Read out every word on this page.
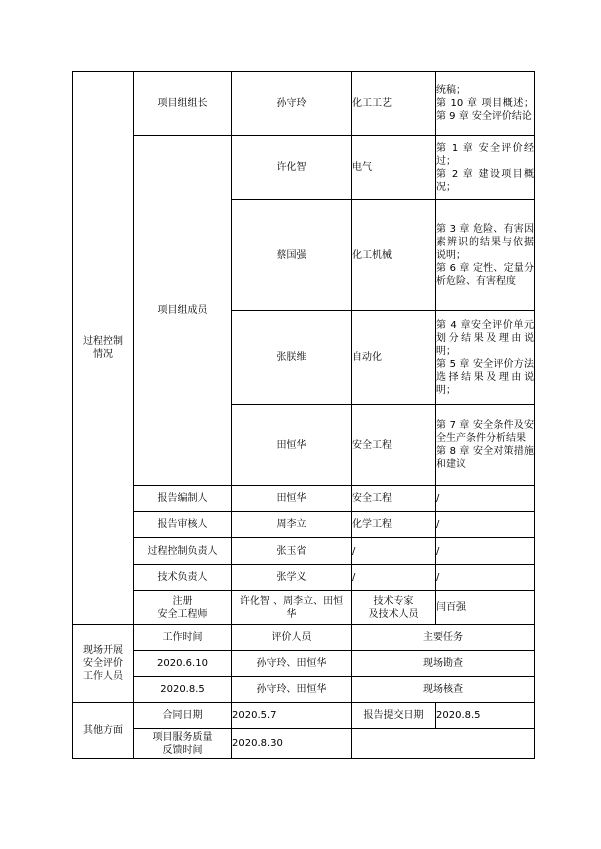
过程控制
情况	项目组组长	孙守玲	化工工艺	统稿；
第 10 章 项目概述；第 9 章 安全评价结论

	项目组成员	许化智	电气	第 1 章 安全评价经过；
第 2 章 建设项目概况；

		蔡国强	化工机械	第 3 章 危险、有害因素辨识的结果与依据说明；
第 6 章 定性、定量分析危险、有害程度

		张朕维	自动化	第 4 章安全评价单元划分结果及理由说明；
第 5 章 安全评价方法选择结果及理由说明；

		田恒华	安全工程	第 7 章 安全条件及安全生产条件分析结果
第 8 章 安全对策措施和建议

	报告编制人	田恒华	安全工程	/
	报告审核人	周李立	化学工程	/
	过程控制负责人	张玉省	/	/
	技术负责人	张学义	/	/

	注册
安全工程师	许化智 、周李立、田恒
华	技术专家
及技术人员	闫百强

现场开展
安全评价
工作人员	工作时间	评价人员	主要任务	
	2020.6.10	孙守玲、田恒华	现场勘查	
	2020.8.5	孙守玲、田恒华	现场核查	
其他方面	合同日期	2020.5.7	报告提交日期	2020.8.5

	项目服务质量
反馈时间	2020.8.30		
